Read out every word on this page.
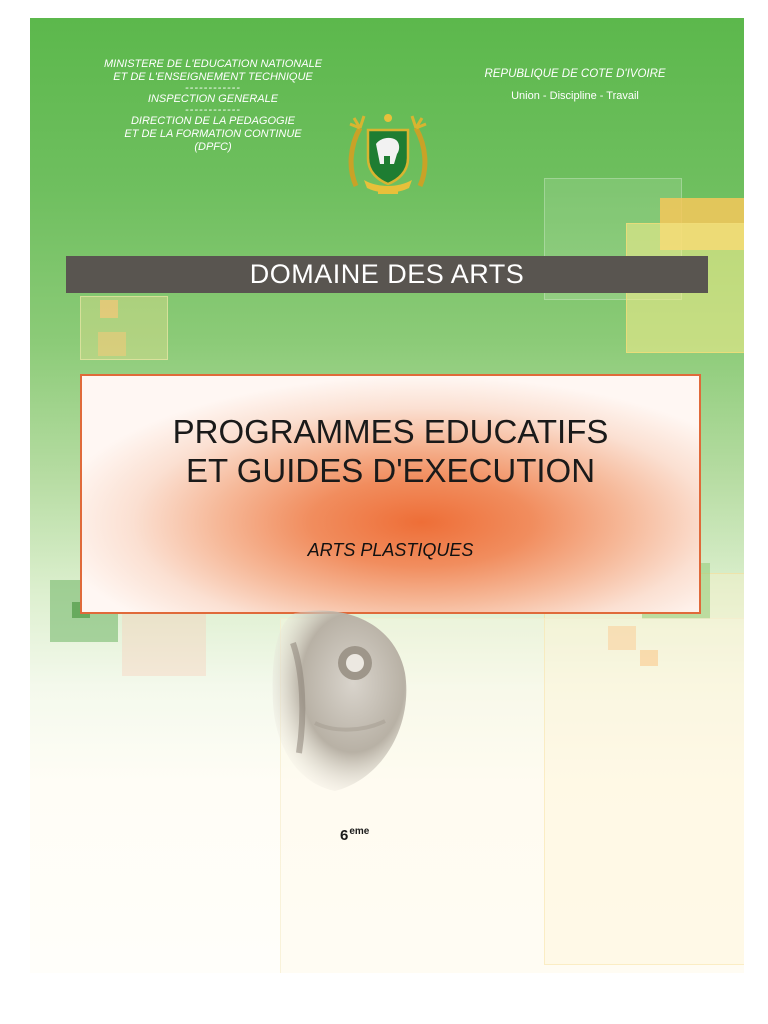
MINISTERE DE L'EDUCATION NATIONALE
ET DE L'ENSEIGNEMENT TECHNIQUE
------------
INSPECTION GENERALE
------------
DIRECTION DE LA PEDAGOGIE
ET DE LA FORMATION CONTINUE
(DPFC)
REPUBLIQUE DE COTE D'IVOIRE
Union - Discipline - Travail
DOMAINE DES ARTS
PROGRAMMES EDUCATIFS
ET GUIDES D'EXECUTION
ARTS PLASTIQUES
6eme
